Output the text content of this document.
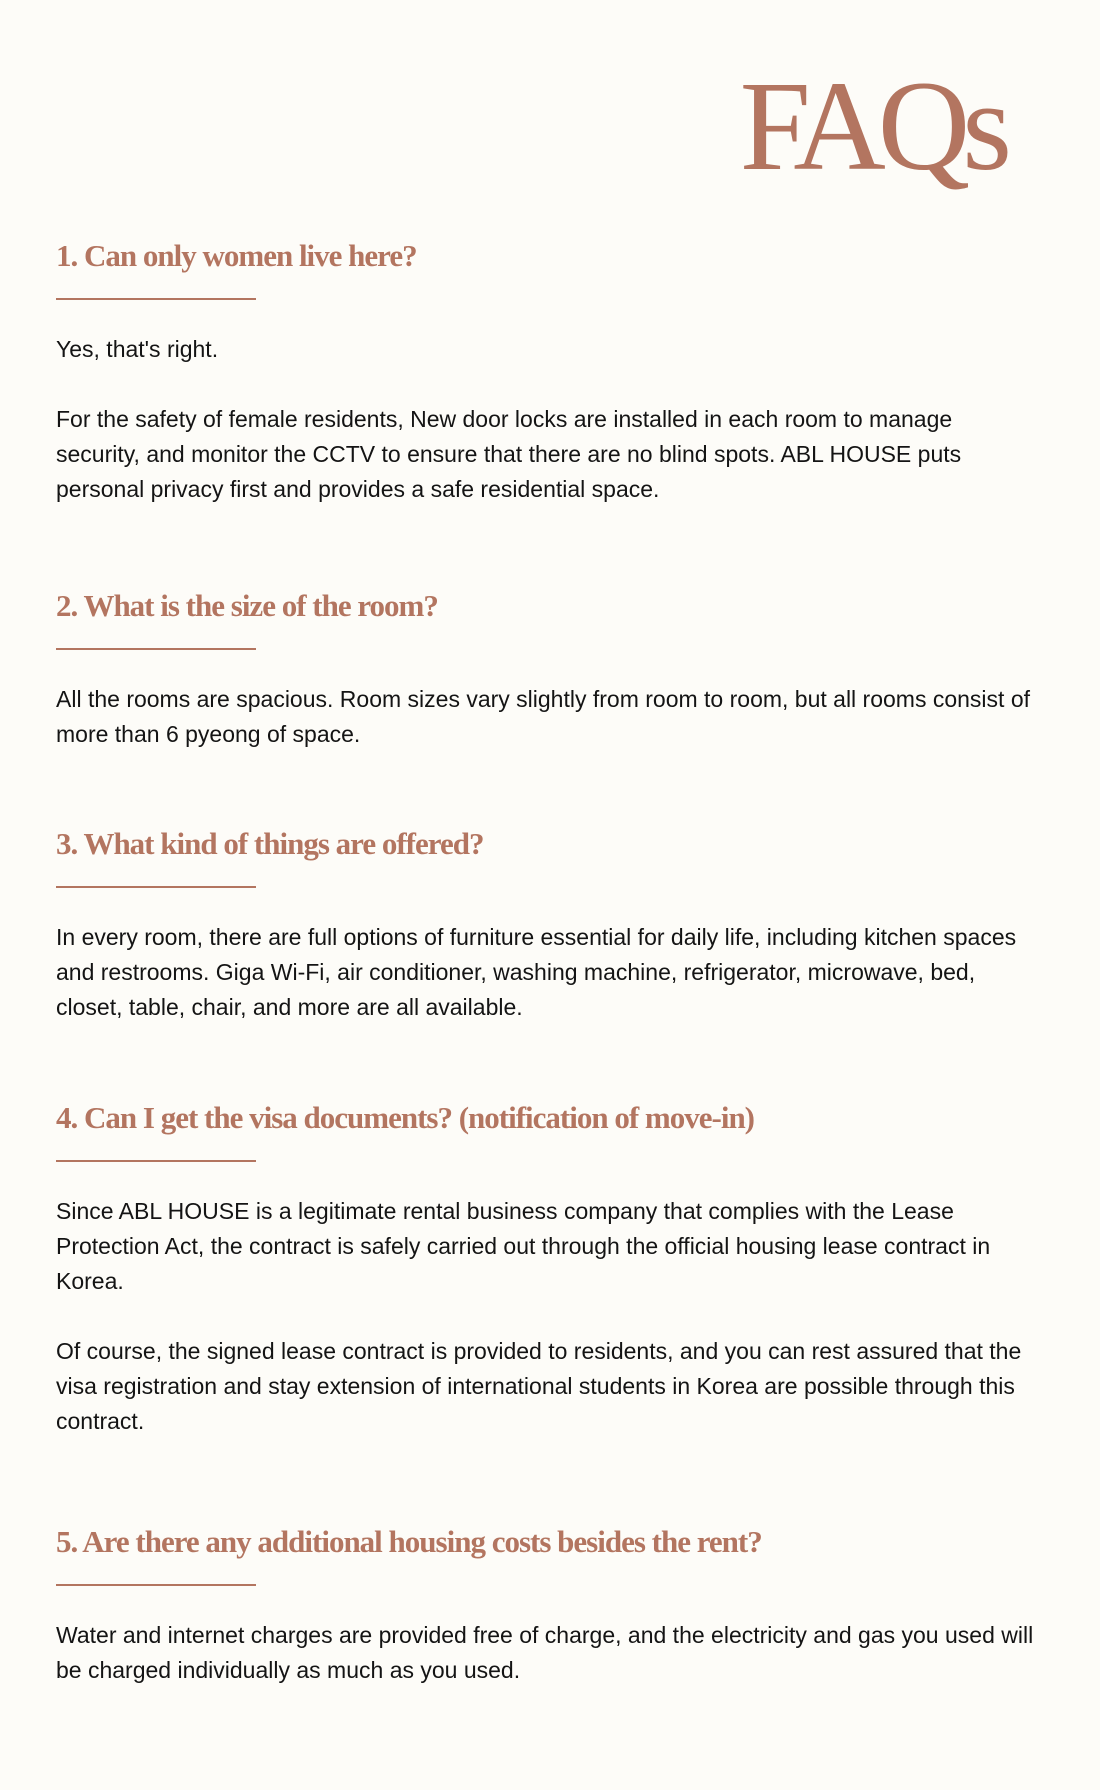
FAQs
1. Can only women live here?

Yes, that's right.

For the safety of female residents, New door locks are installed in each room to manage security, and monitor the CCTV to ensure that there are no blind spots. ABL HOUSE puts personal privacy first and provides a safe residential space.

2. What is the size of the room?

All the rooms are spacious. Room sizes vary slightly from room to room, but all rooms consist of more than 6 pyeong of space.

3. What kind of things are offered?

In every room, there are full options of furniture essential for daily life, including kitchen spaces and restrooms. Giga Wi-Fi, air conditioner, washing machine, refrigerator, microwave, bed, closet, table, chair, and more are all available.

4. Can I get the visa documents? (notification of move-in)

Since ABL HOUSE is a legitimate rental business company that complies with the Lease Protection Act, the contract is safely carried out through the official housing lease contract in Korea.

Of course, the signed lease contract is provided to residents, and you can rest assured that the visa registration and stay extension of international students in Korea are possible through this contract.

5. Are there any additional housing costs besides the rent?

Water and internet charges are provided free of charge, and the electricity and gas you used will be charged individually as much as you used.
